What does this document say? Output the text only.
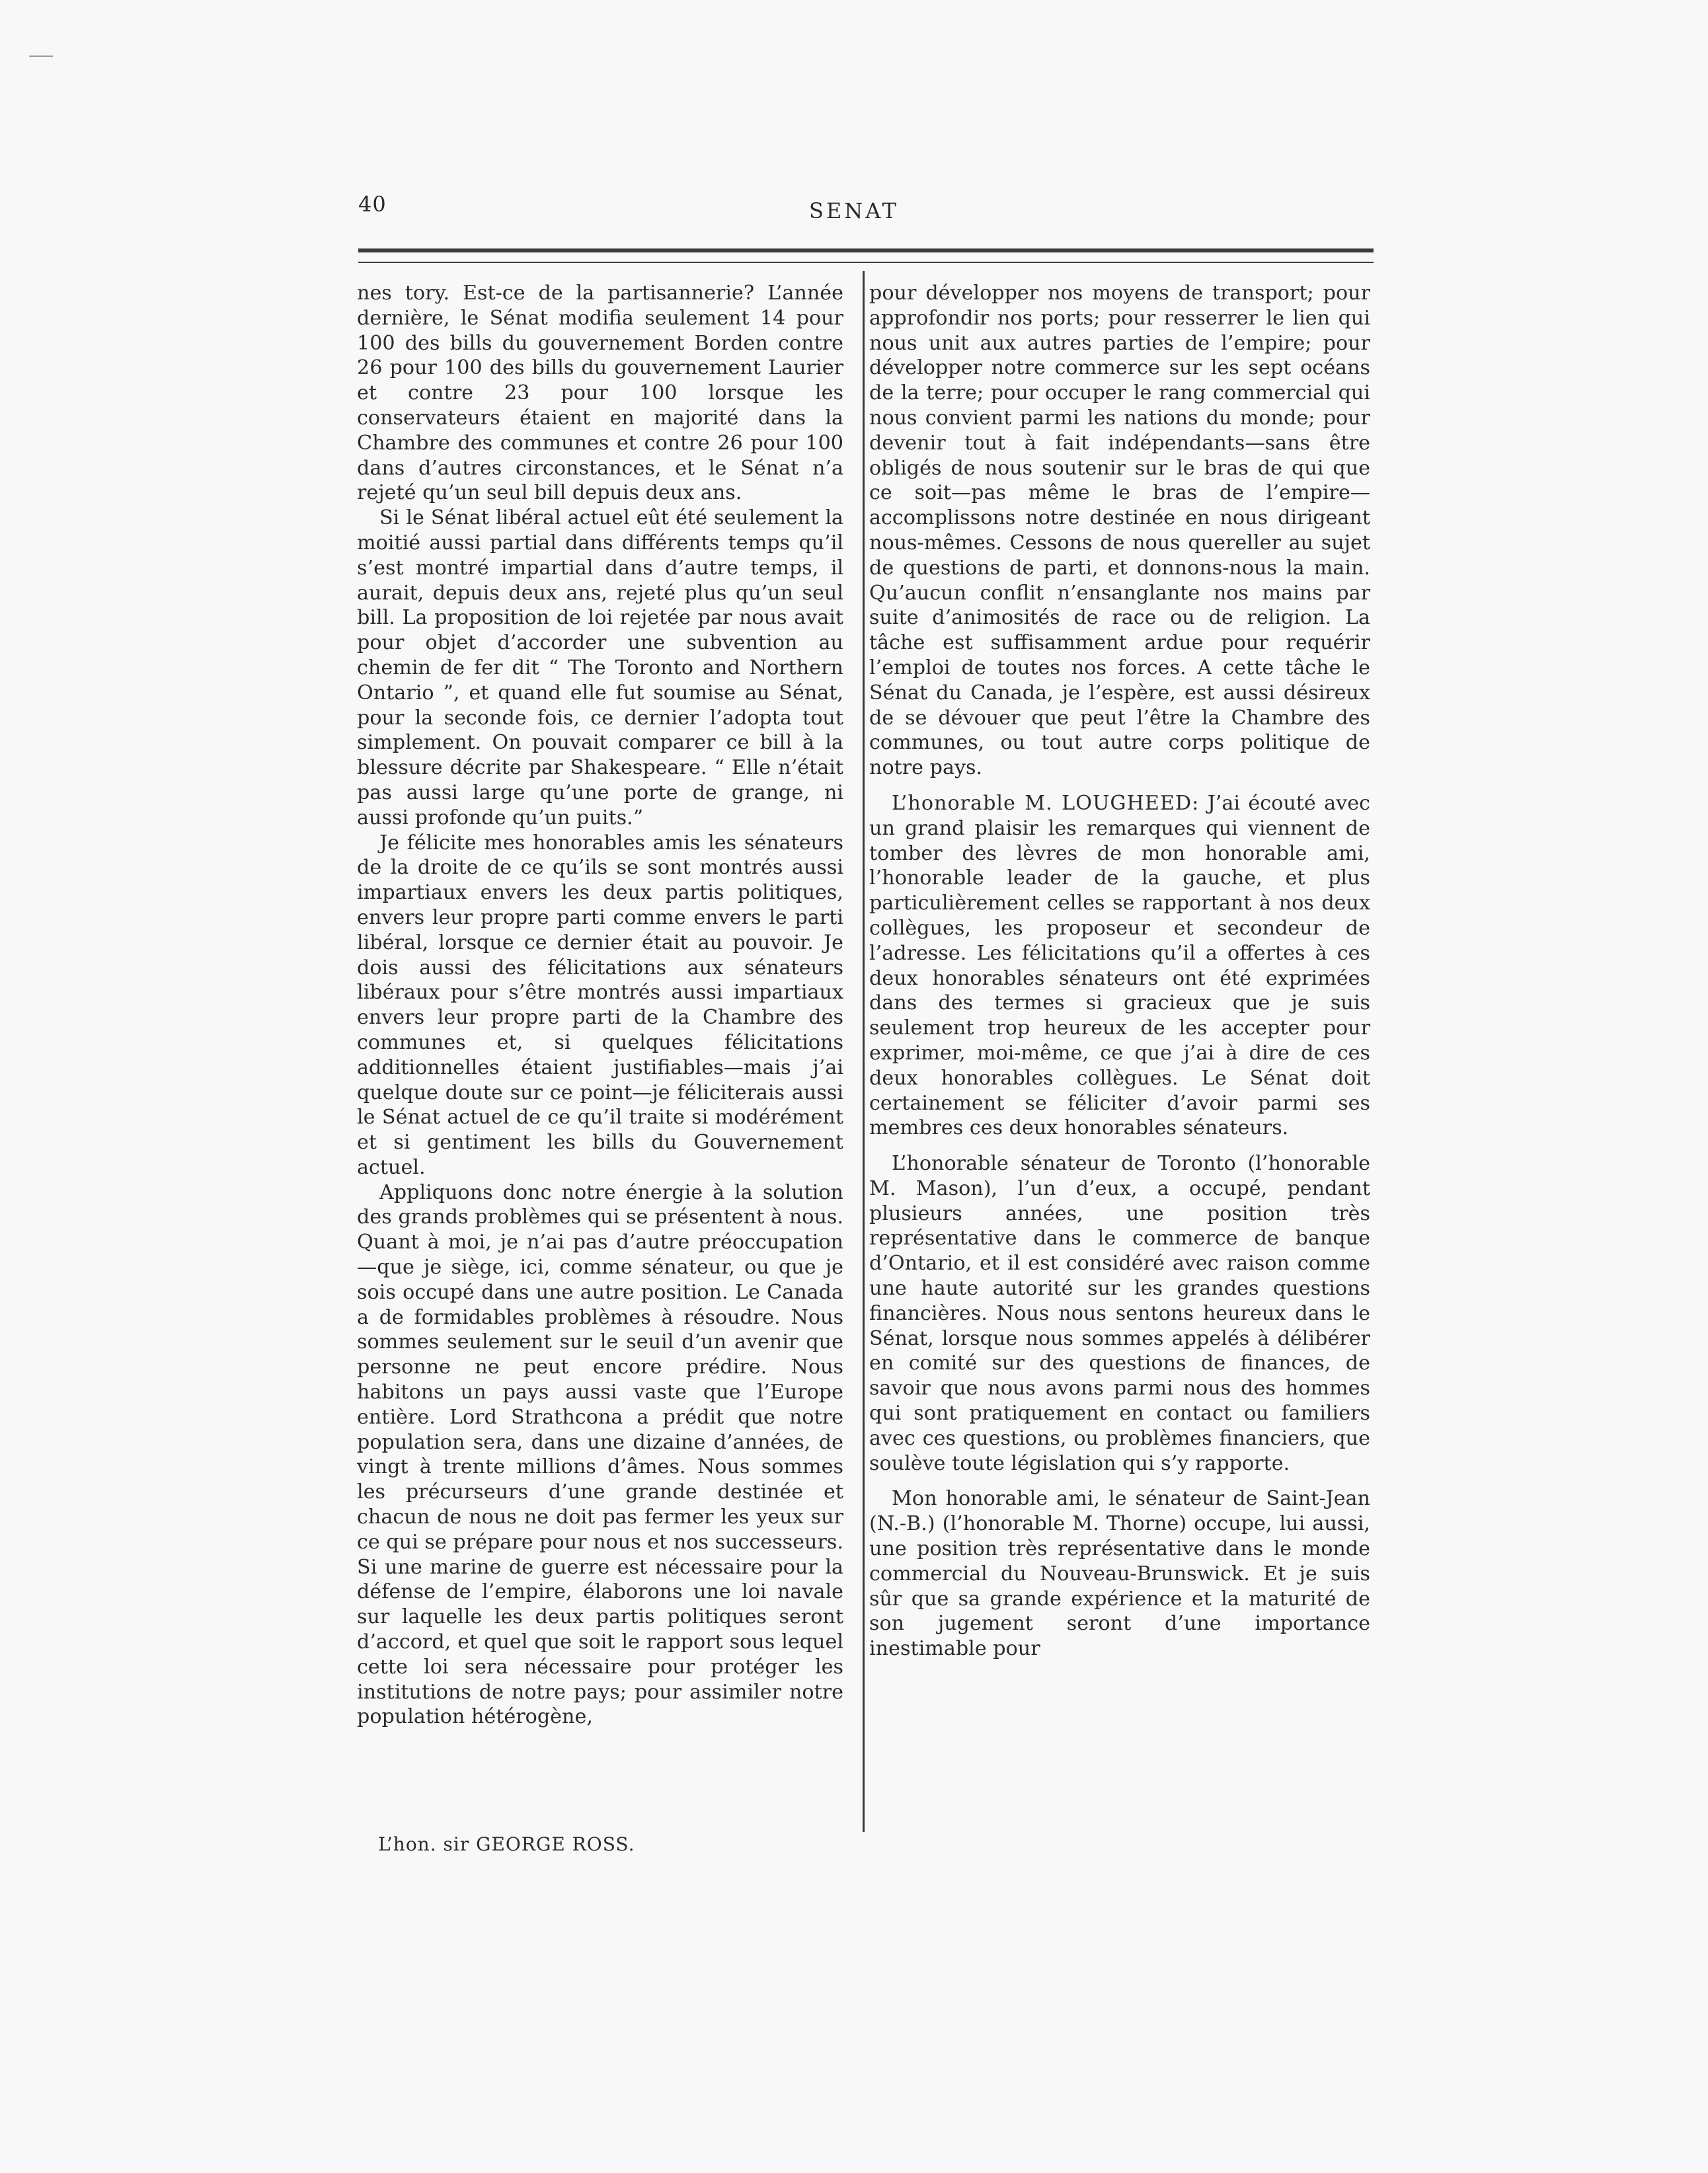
40	SENAT

nes tory. Est-ce de la partisannerie? L’année dernière, le Sénat modifia seulement 14 pour 100 des bills du gouvernement Borden contre 26 pour 100 des bills du gouvernement Laurier et contre 23 pour 100 lorsque les conservateurs étaient en majorité dans la Chambre des communes et contre 26 pour 100 dans d’autres circonstances, et le Sénat n’a rejeté qu’un seul bill depuis deux ans.

Si le Sénat libéral actuel eût été seulement la moitié aussi partial dans différents temps qu’il s’est montré impartial dans d’autre temps, il aurait, depuis deux ans, rejeté plus qu’un seul bill. La proposition de loi rejetée par nous avait pour objet d’accorder une subvention au chemin de fer dit “ The Toronto and Northern Ontario ”, et quand elle fut soumise au Sénat, pour la seconde fois, ce dernier l’adopta tout simplement. On pouvait comparer ce bill à la blessure décrite par Shakespeare. “ Elle n’était pas aussi large qu’une porte de grange, ni aussi profonde qu’un puits.”

Je félicite mes honorables amis les sénateurs de la droite de ce qu’ils se sont montrés aussi impartiaux envers les deux partis politiques, envers leur propre parti comme envers le parti libéral, lorsque ce dernier était au pouvoir. Je dois aussi des félicitations aux sénateurs libéraux pour s’être montrés aussi impartiaux envers leur propre parti de la Chambre des communes et, si quelques félicitations additionnelles étaient justifiables—mais j’ai quelque doute sur ce point—je féliciterais aussi le Sénat actuel de ce qu’il traite si modérément et si gentiment les bills du Gouvernement actuel.

Appliquons donc notre énergie à la solution des grands problèmes qui se présentent à nous. Quant à moi, je n’ai pas d’autre préoccupation—que je siège, ici, comme sénateur, ou que je sois occupé dans une autre position. Le Canada a de formidables problèmes à résoudre. Nous sommes seulement sur le seuil d’un avenir que personne ne peut encore prédire. Nous habitons un pays aussi vaste que l’Europe entière. Lord Strathcona a prédit que notre population sera, dans une dizaine d’années, de vingt à trente millions d’âmes. Nous sommes les précurseurs d’une grande destinée et chacun de nous ne doit pas fermer les yeux sur ce qui se prépare pour nous et nos successeurs. Si une marine de guerre est nécessaire pour la défense de l’empire, élaborons une loi navale sur laquelle les deux partis politiques seront d’accord, et quel que soit le rapport sous lequel cette loi sera nécessaire pour protéger les institutions de notre pays; pour assimiler notre population hétérogène,

pour développer nos moyens de transport; pour approfondir nos ports; pour resserrer le lien qui nous unit aux autres parties de l’empire; pour développer notre commerce sur les sept océans de la terre; pour occuper le rang commercial qui nous convient parmi les nations du monde; pour devenir tout à fait indépendants—sans être obligés de nous soutenir sur le bras de qui que ce soit—pas même le bras de l’empire—accomplissons notre destinée en nous dirigeant nous-mêmes. Cessons de nous quereller au sujet de questions de parti, et donnons-nous la main. Qu’aucun conflit n’ensanglante nos mains par suite d’animosités de race ou de religion. La tâche est suffisamment ardue pour requérir l’emploi de toutes nos forces. A cette tâche le Sénat du Canada, je l’espère, est aussi désireux de se dévouer que peut l’être la Chambre des communes, ou tout autre corps politique de notre pays.

L’honorable M. LOUGHEED: J’ai écouté avec un grand plaisir les remarques qui viennent de tomber des lèvres de mon honorable ami, l’honorable leader de la gauche, et plus particulièrement celles se rapportant à nos deux collègues, les proposeur et secondeur de l’adresse. Les félicitations qu’il a offertes à ces deux honorables sénateurs ont été exprimées dans des termes si gracieux que je suis seulement trop heureux de les accepter pour exprimer, moi-même, ce que j’ai à dire de ces deux honorables collègues. Le Sénat doit certainement se féliciter d’avoir parmi ses membres ces deux honorables sénateurs.

L’honorable sénateur de Toronto (l’honorable M. Mason), l’un d’eux, a occupé, pendant plusieurs années, une position très représentative dans le commerce de banque d’Ontario, et il est considéré avec raison comme une haute autorité sur les grandes questions financières. Nous nous sentons heureux dans le Sénat, lorsque nous sommes appelés à délibérer en comité sur des questions de finances, de savoir que nous avons parmi nous des hommes qui sont pratiquement en contact ou familiers avec ces questions, ou problèmes financiers, que soulève toute législation qui s’y rapporte.

Mon honorable ami, le sénateur de Saint-Jean (N.-B.) (l’honorable M. Thorne) occupe, lui aussi, une position très représentative dans le monde commercial du Nouveau-Brunswick. Et je suis sûr que sa grande expérience et la maturité de son jugement seront d’une importance inestimable pour

L’hon. sir GEORGE ROSS.
